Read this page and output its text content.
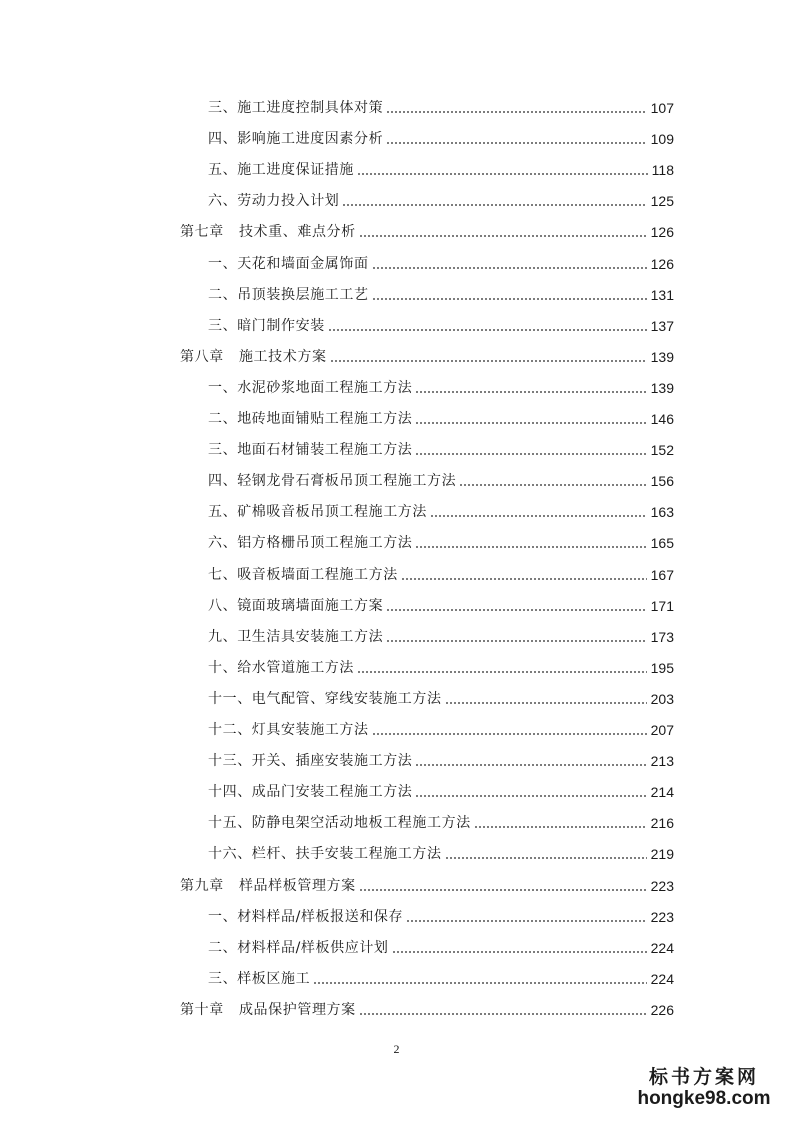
三、施工进度控制具体对策	107
四、影响施工进度因素分析	109
五、施工进度保证措施	118
六、劳动力投入计划	125
第七章   技术重、难点分析	126
一、天花和墙面金属饰面	126
二、吊顶装换层施工工艺	131
三、暗门制作安装	137
第八章   施工技术方案	139
一、水泥砂浆地面工程施工方法	139
二、地砖地面铺贴工程施工方法	146
三、地面石材铺装工程施工方法	152
四、轻钢龙骨石膏板吊顶工程施工方法	156
五、矿棉吸音板吊顶工程施工方法	163
六、铝方格栅吊顶工程施工方法	165
七、吸音板墙面工程施工方法	167
八、镜面玻璃墙面施工方案	171
九、卫生洁具安装施工方法	173
十、给水管道施工方法	195
十一、电气配管、穿线安装施工方法	203
十二、灯具安装施工方法	207
十三、开关、插座安装施工方法	213
十四、成品门安装工程施工方法	214
十五、防静电架空活动地板工程施工方法	216
十六、栏杆、扶手安装工程施工方法	219
第九章   样品样板管理方案	223
一、材料样品/样板报送和保存	223
二、材料样品/样板供应计划	224
三、样板区施工	224
第十章   成品保护管理方案	226
2
标书方案网
hongke98.com
